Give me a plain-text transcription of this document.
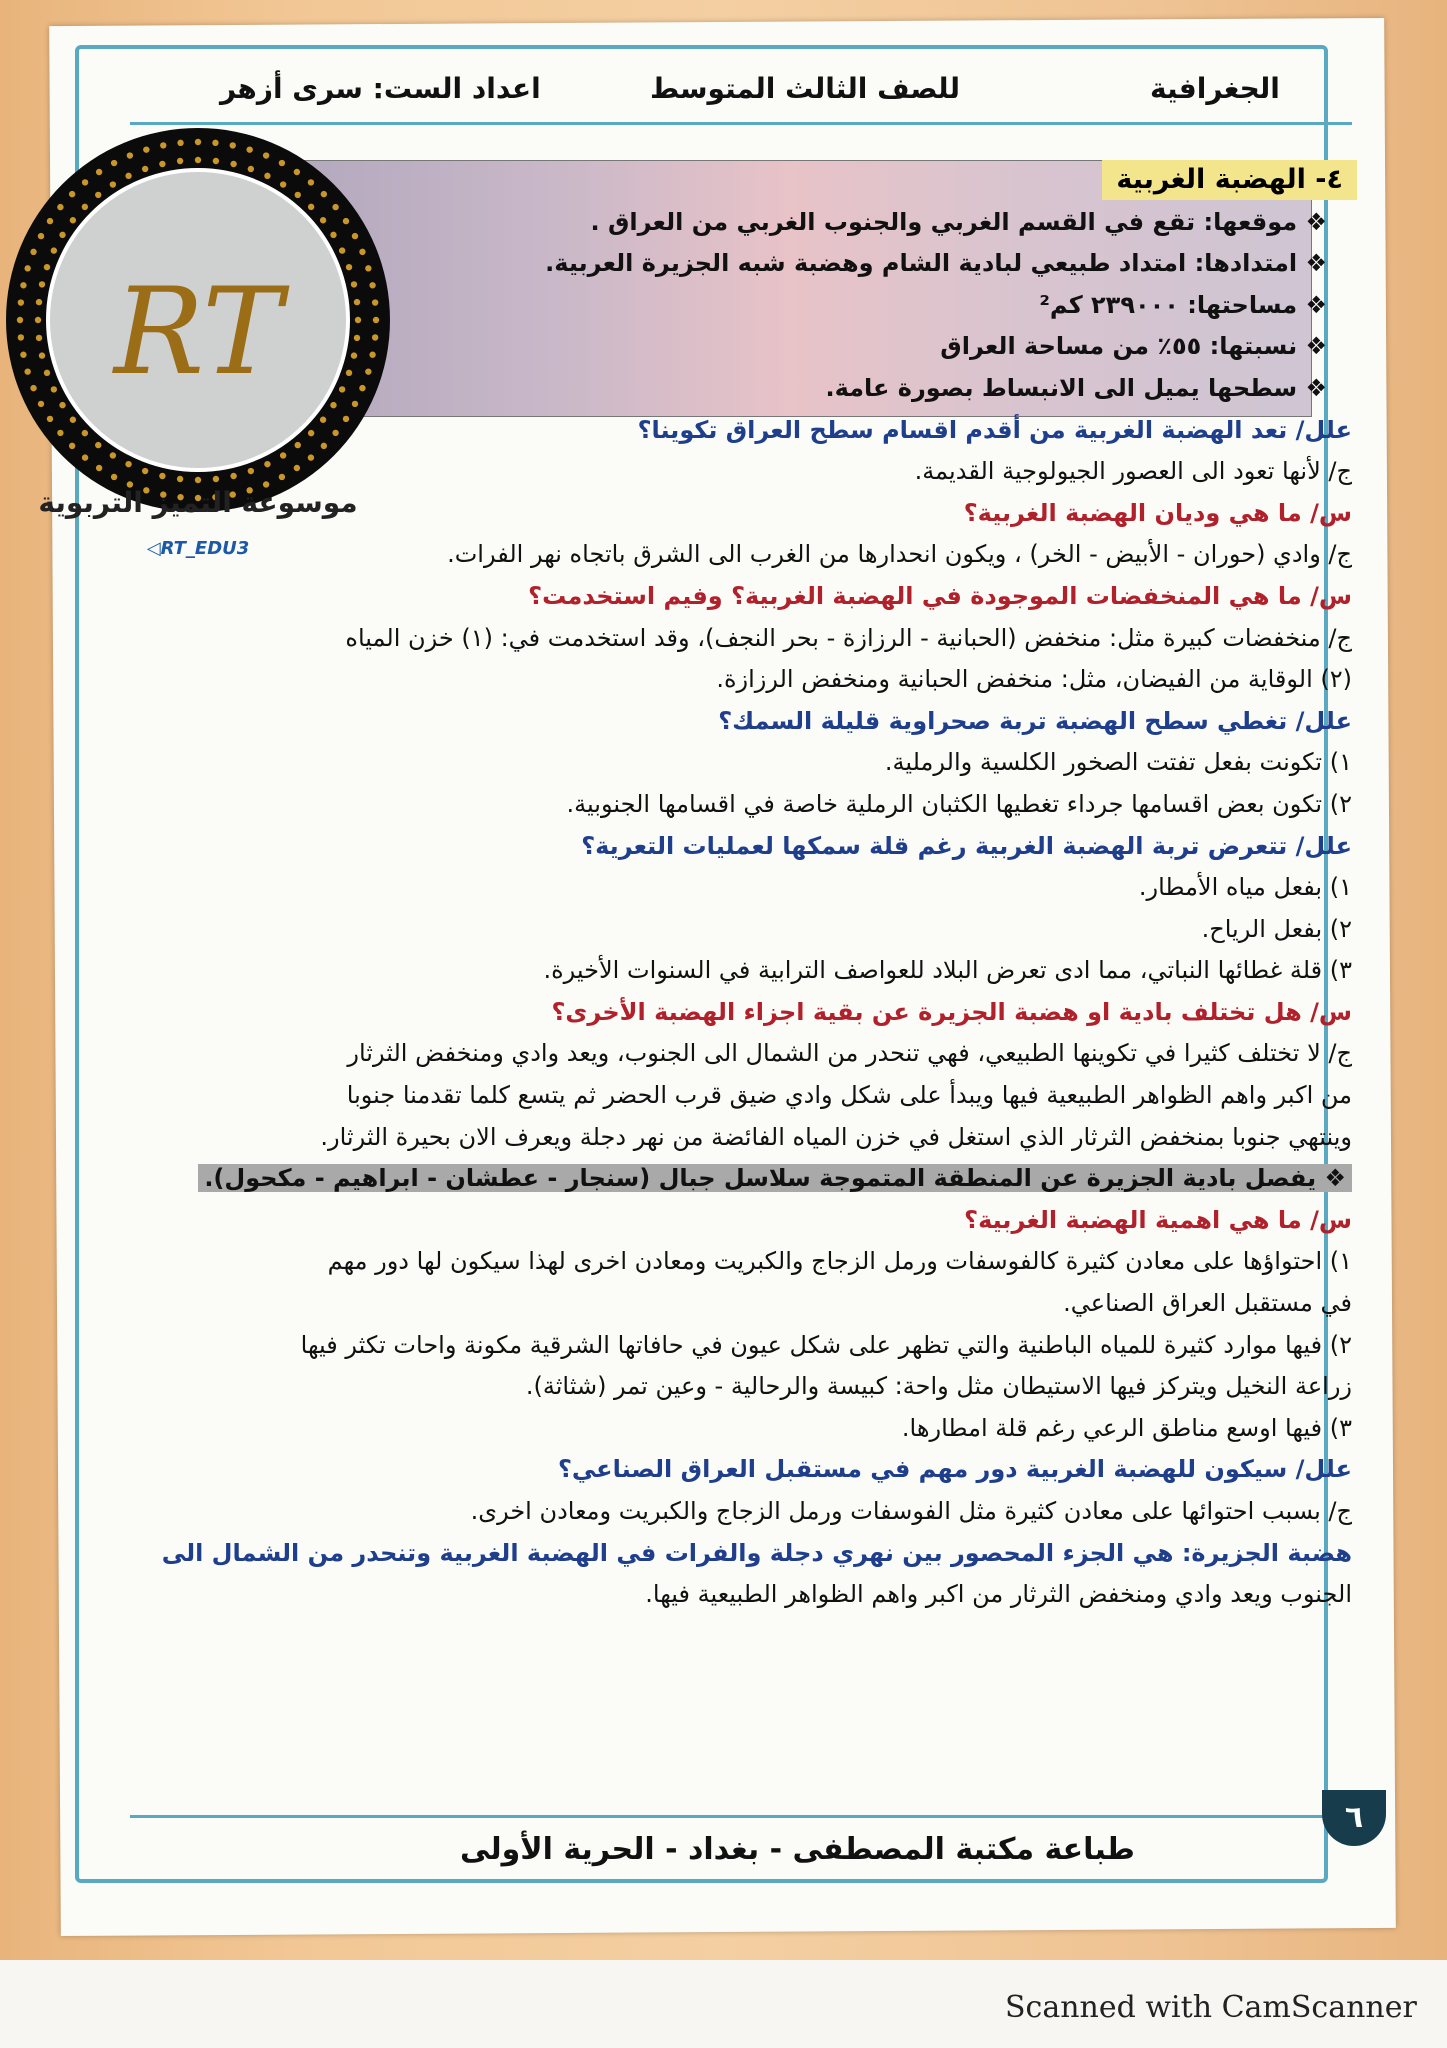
اعداد الست: سرى أزهر	للصف الثالث المتوسط	الجغرافية
❖ موقعها: تقع في القسم الغربي والجنوب الغربي من العراق .
❖ امتدادها: امتداد طبيعي لبادية الشام وهضبة شبه الجزيرة العربية.
❖ مساحتها: ٢٣٩٠٠٠ كم²
❖ نسبتها: ٥٥٪ من مساحة العراق
❖ سطحها يميل الى الانبساط بصورة عامة.
علل/ تعد الهضبة الغربية من أقدم اقسام سطح العراق تكوينا؟
ج/ لأنها تعود الى العصور الجيولوجية القديمة.
س/ ما هي وديان الهضبة الغربية؟
ج/ وادي (حوران - الأبيض - الخر) ، ويكون انحدارها من الغرب الى الشرق باتجاه نهر الفرات.
س/ ما هي المنخفضات الموجودة في الهضبة الغربية؟ وفيم استخدمت؟
ج/ منخفضات كبيرة مثل: منخفض (الحبانية - الرزازة - بحر النجف)، وقد استخدمت في: (١) خزن المياه
(٢) الوقاية من الفيضان، مثل: منخفض الحبانية ومنخفض الرزازة.
علل/ تغطي سطح الهضبة تربة صحراوية قليلة السمك؟
١) تكونت بفعل تفتت الصخور الكلسية والرملية.
٢) تكون بعض اقسامها جرداء تغطيها الكثبان الرملية خاصة في اقسامها الجنوبية.
علل/ تتعرض تربة الهضبة الغربية رغم قلة سمكها لعمليات التعرية؟
١) بفعل مياه الأمطار.
٢) بفعل الرياح.
٣) قلة غطائها النباتي، مما ادى تعرض البلاد للعواصف الترابية في السنوات الأخيرة.
س/ هل تختلف بادية او هضبة الجزيرة عن بقية اجزاء الهضبة الأخرى؟
ج/ لا تختلف كثيرا في تكوينها الطبيعي، فهي تنحدر من الشمال الى الجنوب، ويعد وادي ومنخفض الثرثار
من اكبر واهم الظواهر الطبيعية فيها ويبدأ على شكل وادي ضيق قرب الحضر ثم يتسع كلما تقدمنا جنوبا
وينتهي جنوبا بمنخفض الثرثار الذي استغل في خزن المياه الفائضة من نهر دجلة ويعرف الان بحيرة الثرثار.
❖ يفصل بادية الجزيرة عن المنطقة المتموجة سلاسل جبال (سنجار - عطشان - ابراهيم - مكحول).
س/ ما هي اهمية الهضبة الغربية؟
١) احتواؤها على معادن كثيرة كالفوسفات ورمل الزجاج والكبريت ومعادن اخرى لهذا سيكون لها دور مهم
في مستقبل العراق الصناعي.
٢) فيها موارد كثيرة للمياه الباطنية والتي تظهر على شكل عيون في حافاتها الشرقية مكونة واحات تكثر فيها
زراعة النخيل ويتركز فيها الاستيطان مثل واحة: كبيسة والرحالية - وعين تمر (شثاثة).
٣) فيها اوسع مناطق الرعي رغم قلة امطارها.
علل/ سيكون للهضبة الغربية دور مهم في مستقبل العراق الصناعي؟
ج/ بسبب احتوائها على معادن كثيرة مثل الفوسفات ورمل الزجاج والكبريت ومعادن اخرى.
هضبة الجزيرة: هي الجزء المحصور بين نهري دجلة والفرات في الهضبة الغربية وتنحدر من الشمال الى
الجنوب ويعد وادي ومنخفض الثرثار من اكبر واهم الظواهر الطبيعية فيها.
٤- الهضبة الغربية
٦
طباعة مكتبة المصطفى - بغداد - الحرية الأولى
Scanned with CamScanner
RT
موسوعة التميز التربوية
◁RT_EDU3
